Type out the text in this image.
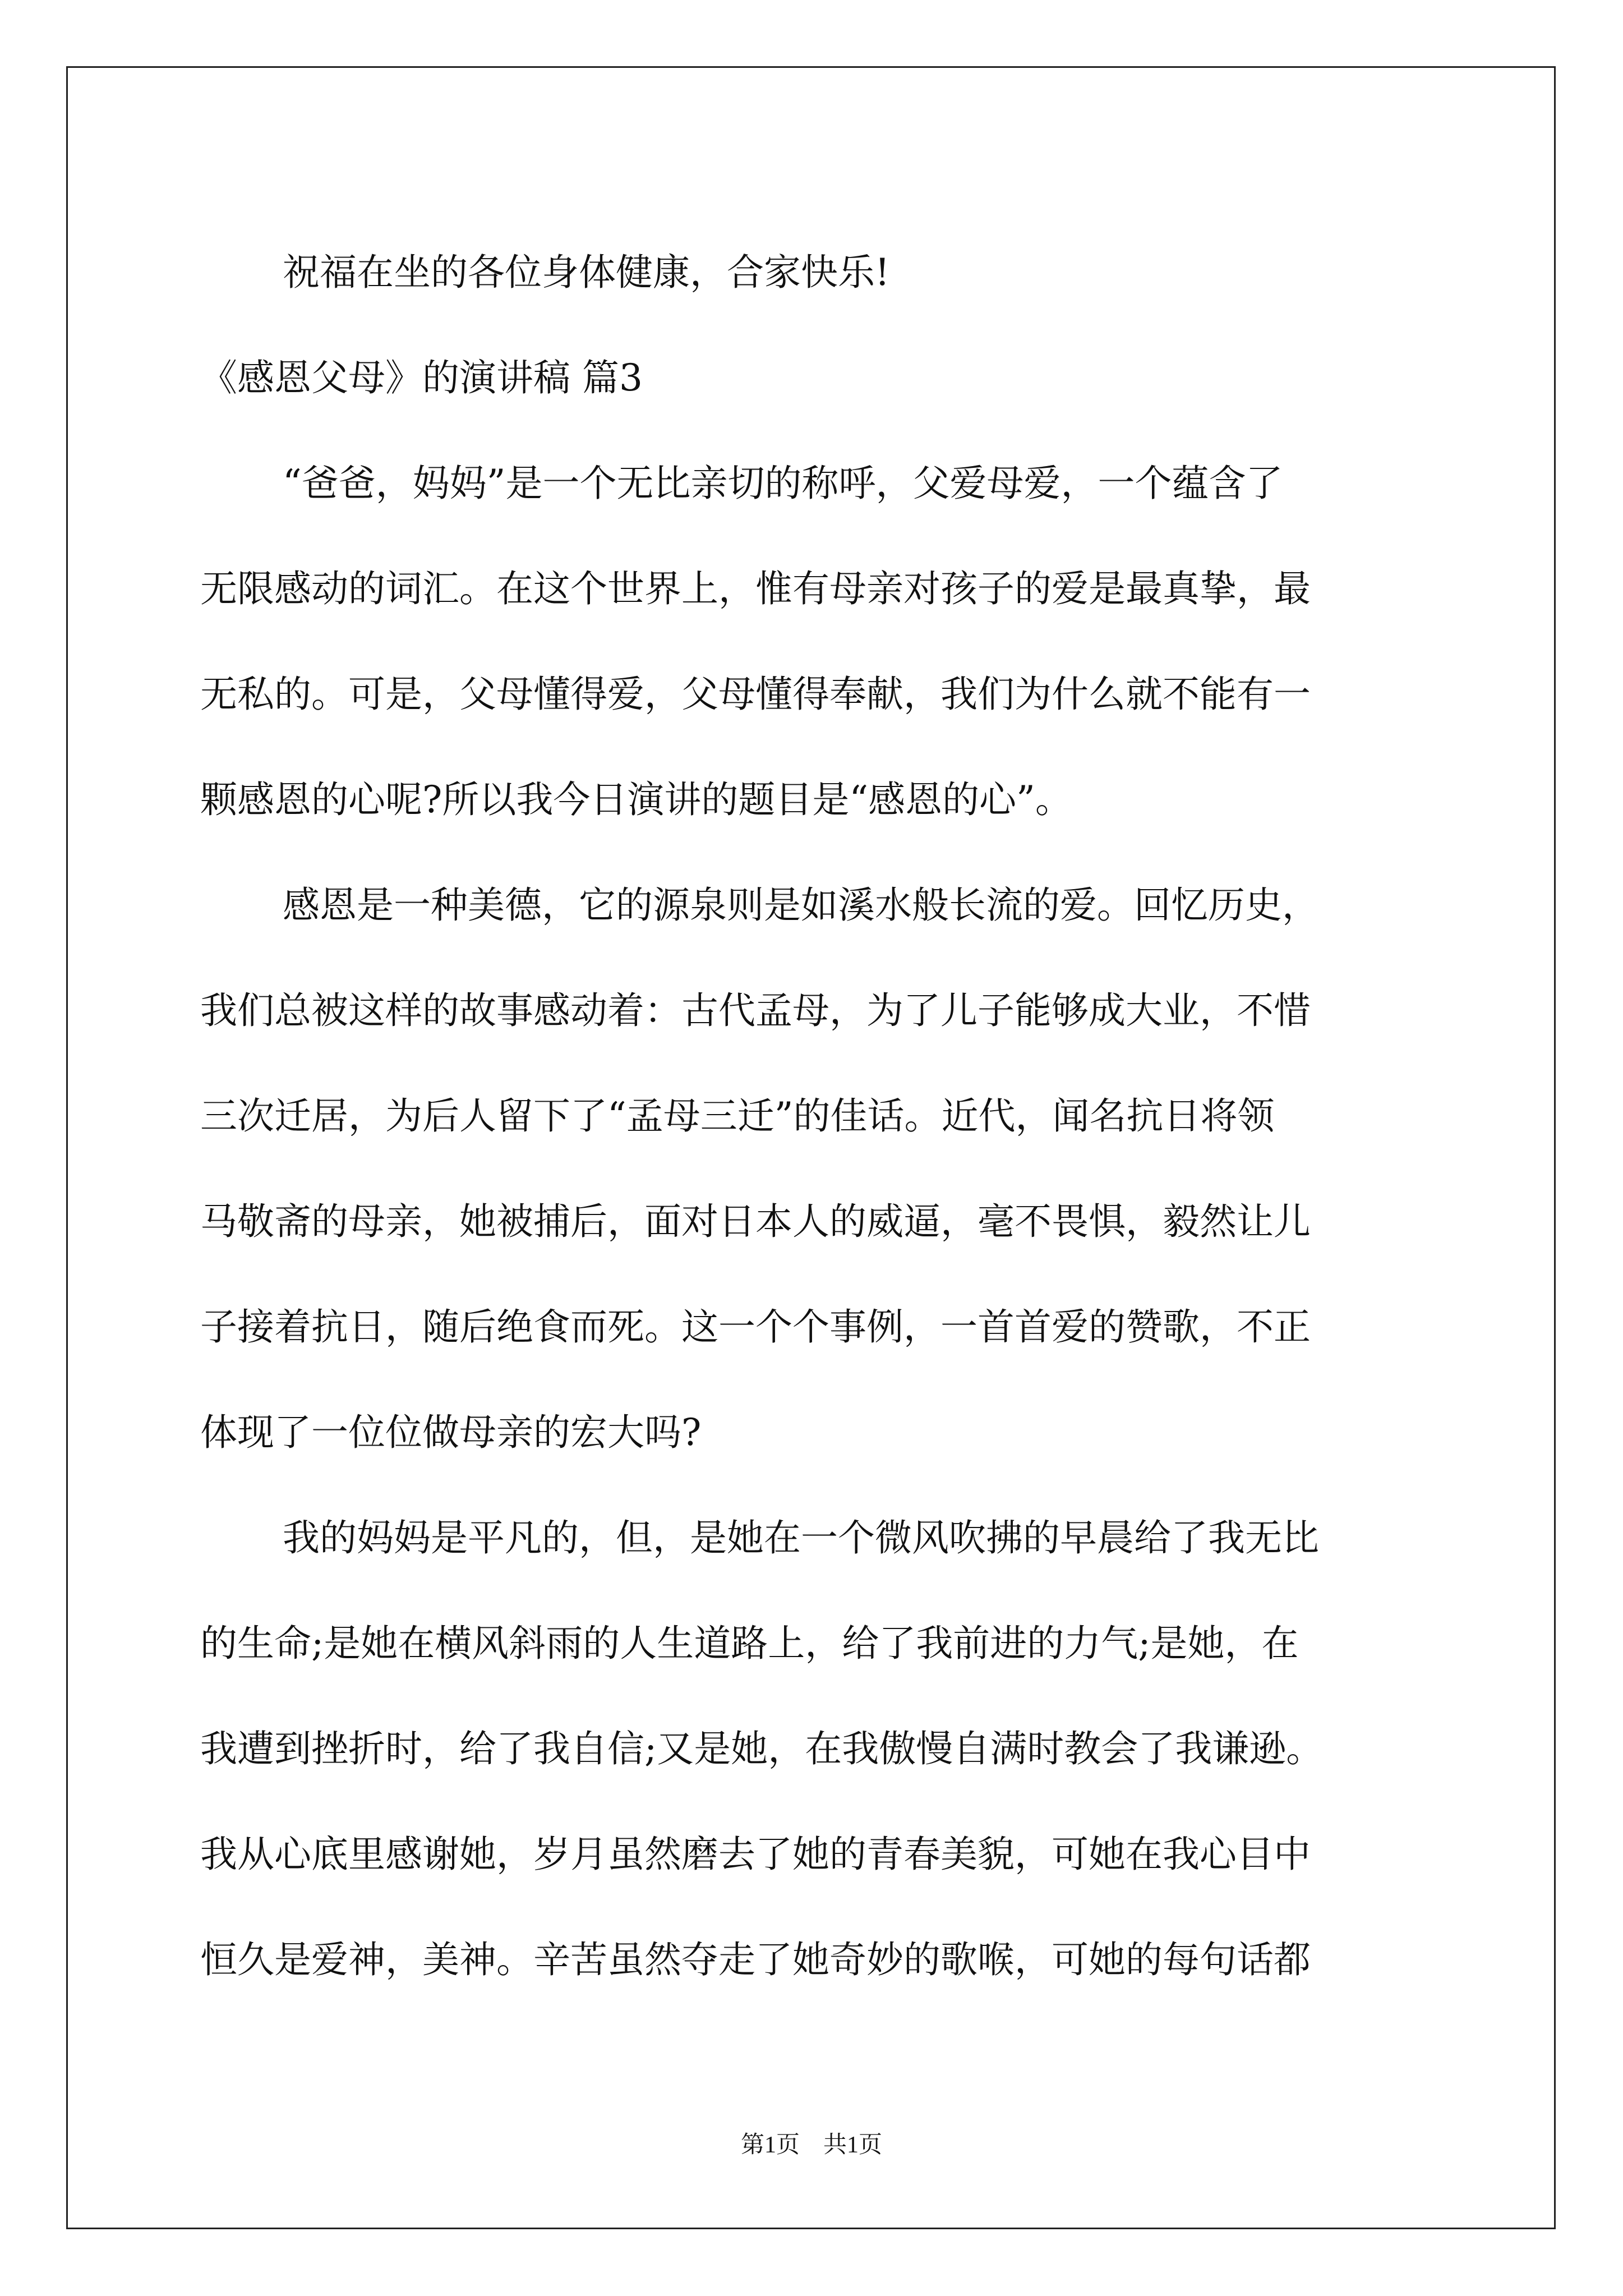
祝福在坐的各位身体健康，合家快乐!
《感恩父母》的演讲稿 篇3
“爸爸，妈妈”是一个无比亲切的称呼，父爱母爱，一个蕴含了
无限感动的词汇。在这个世界上，惟有母亲对孩子的爱是最真挚，最
无私的。可是，父母懂得爱，父母懂得奉献，我们为什么就不能有一
颗感恩的心呢?所以我今日演讲的题目是“感恩的心”。
感恩是一种美德，它的源泉则是如溪水般长流的爱。回忆历史，
我们总被这样的故事感动着：古代孟母，为了儿子能够成大业，不惜
三次迁居，为后人留下了“孟母三迁”的佳话。近代，闻名抗日将领
马敬斋的母亲，她被捕后，面对日本人的威逼，毫不畏惧，毅然让儿
子接着抗日，随后绝食而死。这一个个事例，一首首爱的赞歌，不正
体现了一位位做母亲的宏大吗?
我的妈妈是平凡的，但，是她在一个微风吹拂的早晨给了我无比
的生命;是她在横风斜雨的人生道路上，给了我前进的力气;是她，在
我遭到挫折时，给了我自信;又是她，在我傲慢自满时教会了我谦逊。
我从心底里感谢她，岁月虽然磨去了她的青春美貌，可她在我心目中
恒久是爱神，美神。辛苦虽然夺走了她奇妙的歌喉，可她的每句话都
第1页　共1页
